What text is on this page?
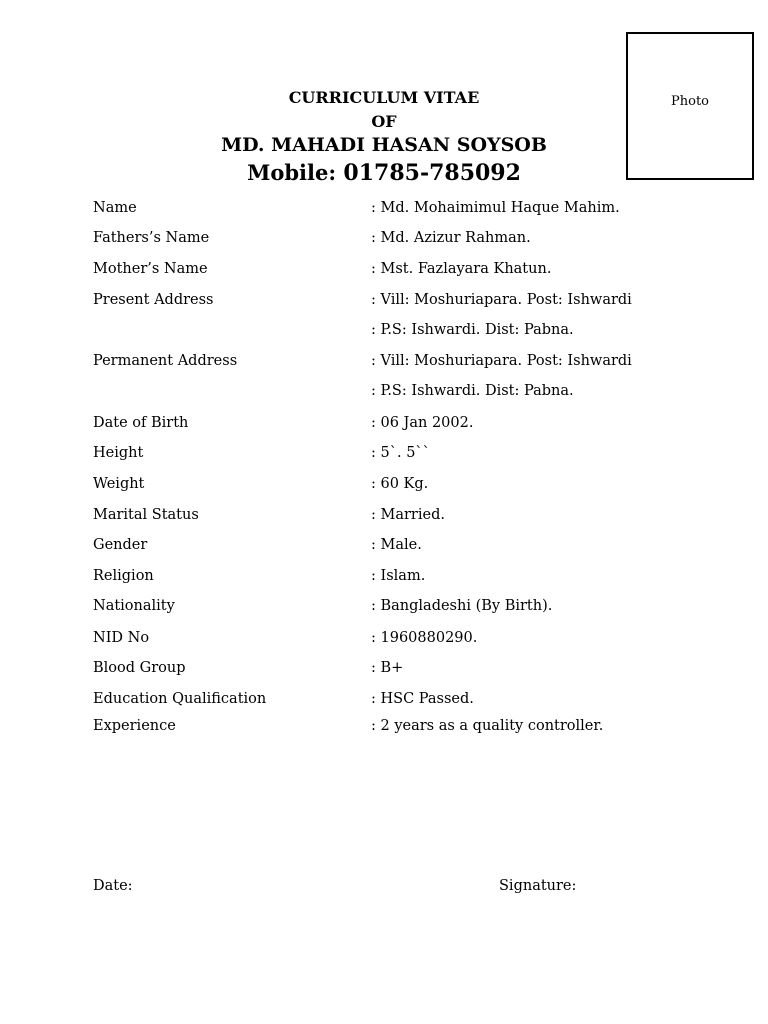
Photo
CURRICULUM VITAE
OF
MD. MAHADI HASAN SOYSOB
Mobile: 01785-785092
Name	: Md. Mohaimimul Haque Mahim.
Fathers’s Name	: Md. Azizur Rahman.
Mother’s Name	: Mst. Fazlayara Khatun.
Present Address	: Vill: Moshuriapara. Post: Ishwardi
: P.S: Ishwardi. Dist: Pabna.
Permanent Address	: Vill: Moshuriapara. Post: Ishwardi
: P.S: Ishwardi. Dist: Pabna.
Date of Birth	: 06 Jan 2002.
Height	: 5`. 5``
Weight	: 60 Kg.
Marital Status	: Married.
Gender	: Male.
Religion	: Islam.
Nationality	: Bangladeshi (By Birth).
NID No	: 1960880290.
Blood Group	: B+
Education Qualification	: HSC Passed.
Experience	: 2 years as a quality controller.
Date:	Signature:
